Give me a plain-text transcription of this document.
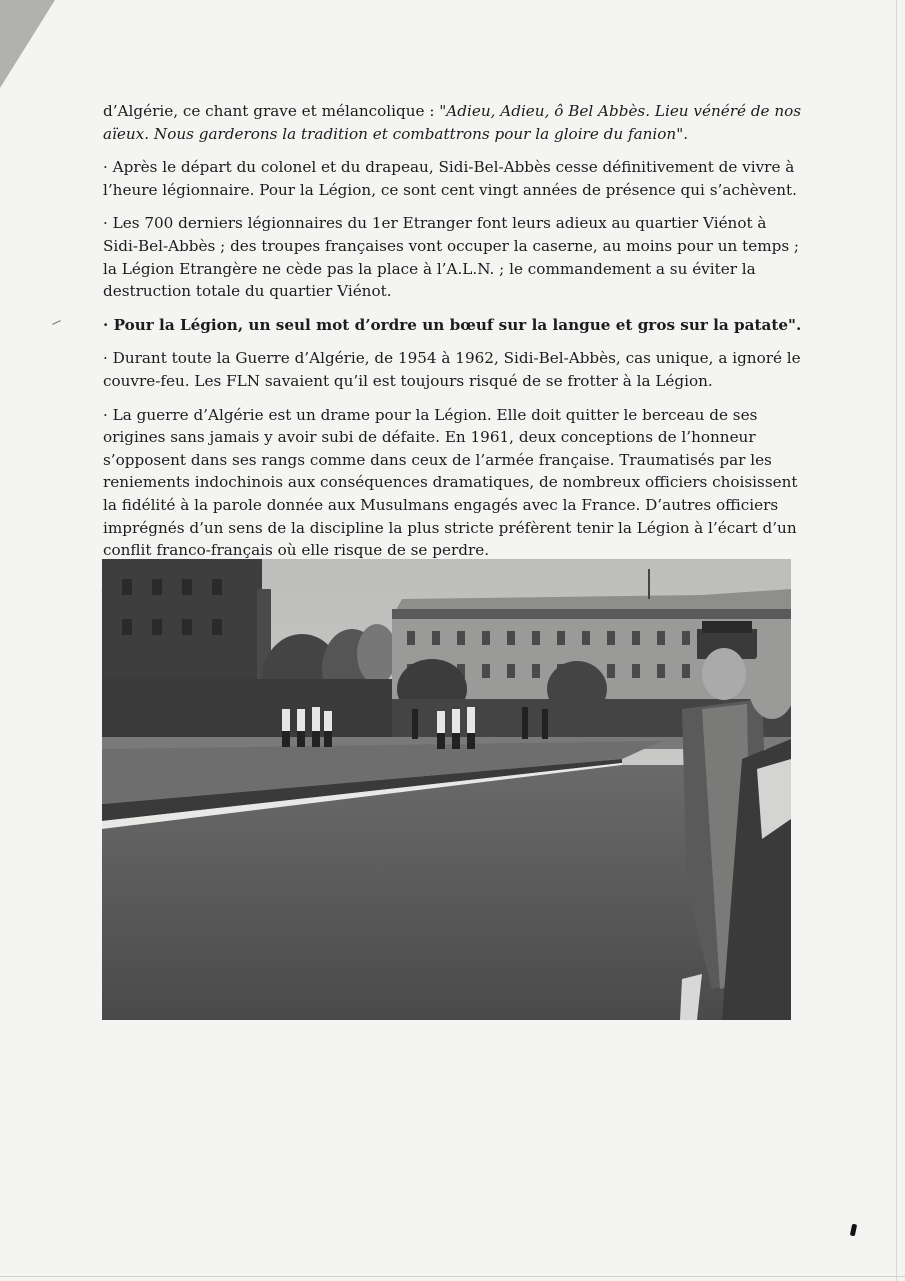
d’Algérie, ce chant grave et mélancolique : "Adieu, Adieu, ô Bel Abbès. Lieu vénéré de nos aïeux. Nous garderons la tradition et combattrons pour la gloire du fanion".

· Après le départ du colonel et du drapeau, Sidi-Bel-Abbès cesse définitivement de vivre à l’heure légionnaire. Pour la Légion, ce sont cent vingt années de présence qui s’achèvent.

· Les 700 derniers légionnaires du 1er Etranger font leurs adieux au quartier Viénot à Sidi-Bel-Abbès ; des troupes françaises vont occuper la caserne, au moins pour un temps ; la Légion Etrangère ne cède pas la place à l’A.L.N. ; le commandement a su éviter la destruction totale du quartier Viénot.

· Pour la Légion, un seul mot d’ordre un bœuf sur la langue et gros sur la patate".

· Durant toute la Guerre d’Algérie, de 1954 à 1962, Sidi-Bel-Abbès, cas unique, a ignoré le couvre-feu. Les FLN savaient qu’il est toujours risqué de se frotter à la Légion.

· La guerre d’Algérie est un drame pour la Légion. Elle doit quitter le berceau de ses origines sans jamais y avoir subi de défaite. En 1961, deux conceptions de l’honneur s’opposent dans ses rangs comme dans ceux de l’armée française. Traumatisés par les reniements indochinois aux conséquences dramatiques, de nombreux officiers choisissent la fidélité à la parole donnée aux Musulmans engagés avec la France. D’autres officiers imprégnés d’un sens de la discipline la plus stricte préfèrent tenir la Légion à l’écart d’un conflit franco-français où elle risque de se perdre.
